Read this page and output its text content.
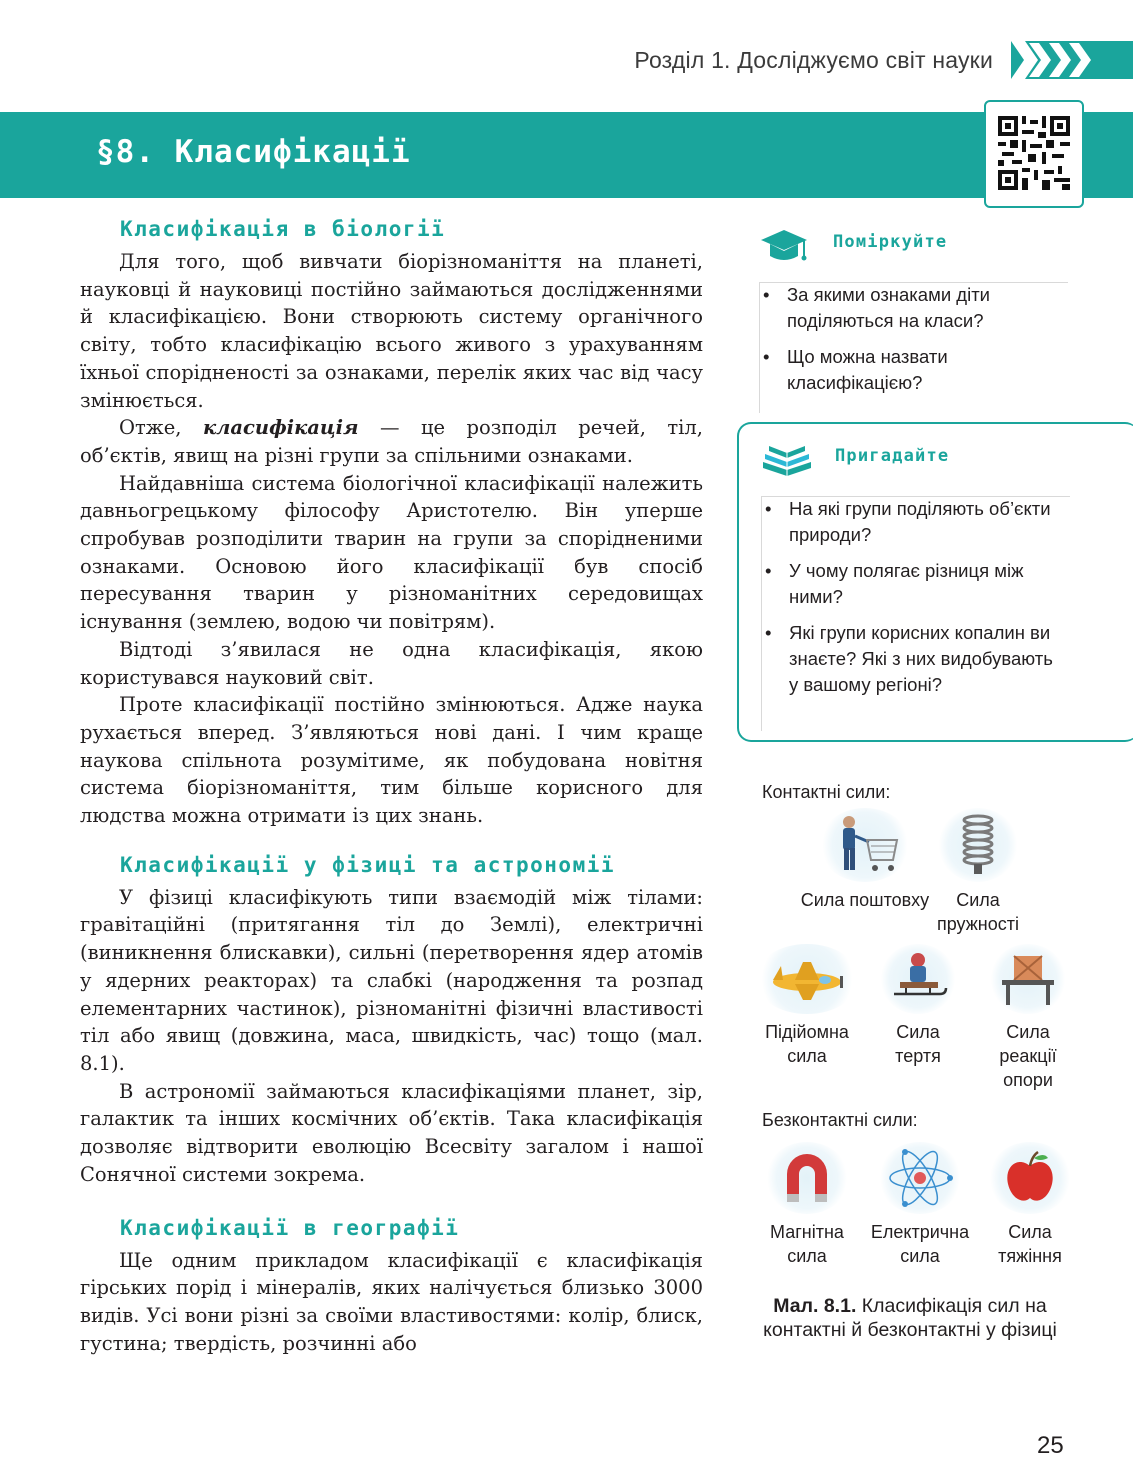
Розділ 1. Досліджуємо світ науки
§8. Класифікації
Класифікація в біології

Для того, щоб вивчати біорізноманіття на планеті, науковці й науковиці постійно займаються дослідженнями й класифікацією. Вони створюють систему органічного світу, тобто класифікацію всього живого з урахуванням їхньої спорідненості за ознаками, перелік яких час від часу змінюється.

Отже, класифікація — це розподіл речей, тіл, об’єктів, явищ на різні групи за спільними ознаками.

Найдавніша система біологічної класифікації належить давньогрецькому філософу Аристотелю. Він уперше спробував розподілити тварин на групи за спорідненими ознаками. Основою його класифікації був спосіб пересування тварин у різноманітних середовищах існування (землею, водою чи повітрям).

Відтоді з’явилася не одна класифікація, якою користувався науковий світ.

Проте класифікації постійно змінюються. Адже наука рухається вперед. З’являються нові дані. І чим краще наукова спільнота розумітиме, як побудована новітня система біорізноманіття, тим більше корисного для людства можна отримати із цих знань.

Класифікації у фізиці та астрономії

У фізиці класифікують типи взаємодій між тілами: гравітаційні (притягання тіл до Землі), електричні (виникнення блискавки), сильні (перетворення ядер атомів у ядерних реакторах) та слабкі (народження та розпад елементарних частинок), різноманітні фізичні властивості тіл або явищ (довжина, маса, швидкість, час) тощо (мал. 8.1).

В астрономії займаються класифікаціями планет, зір, галактик та інших космічних об’єктів. Така класифікація дозволяє відтворити еволюцію Всесвіту загалом і нашої Сонячної системи зокрема.

Класифікації в географії

Ще одним прикладом класифікації є класифікація гірських порід і мінералів, яких налічується близько 3000 видів. Усі вони різні за своїми властивостями: колір, блиск, густина; твердість, розчинні або

Поміркуйте
• За якими ознаками діти поділяються на класи?
• Що можна назвати класифікацією?
Пригадайте
• На які групи поділяють об’єкти природи?
• У чому полягає різниця між ними?
• Які групи корисних копалин ви знаєте? Які з них видобувають у вашому регіоні?
Контактні сили:
Сила поштовху	Сила пружності
Підійомна сила
Сила тертя
Сила реакції опори
Безконтактні сили:
Магнітна сила
Електрична сила
Сила тяжіння
Мал. 8.1. Класифікація сил на контактні й безконтактні у фізиці
25
